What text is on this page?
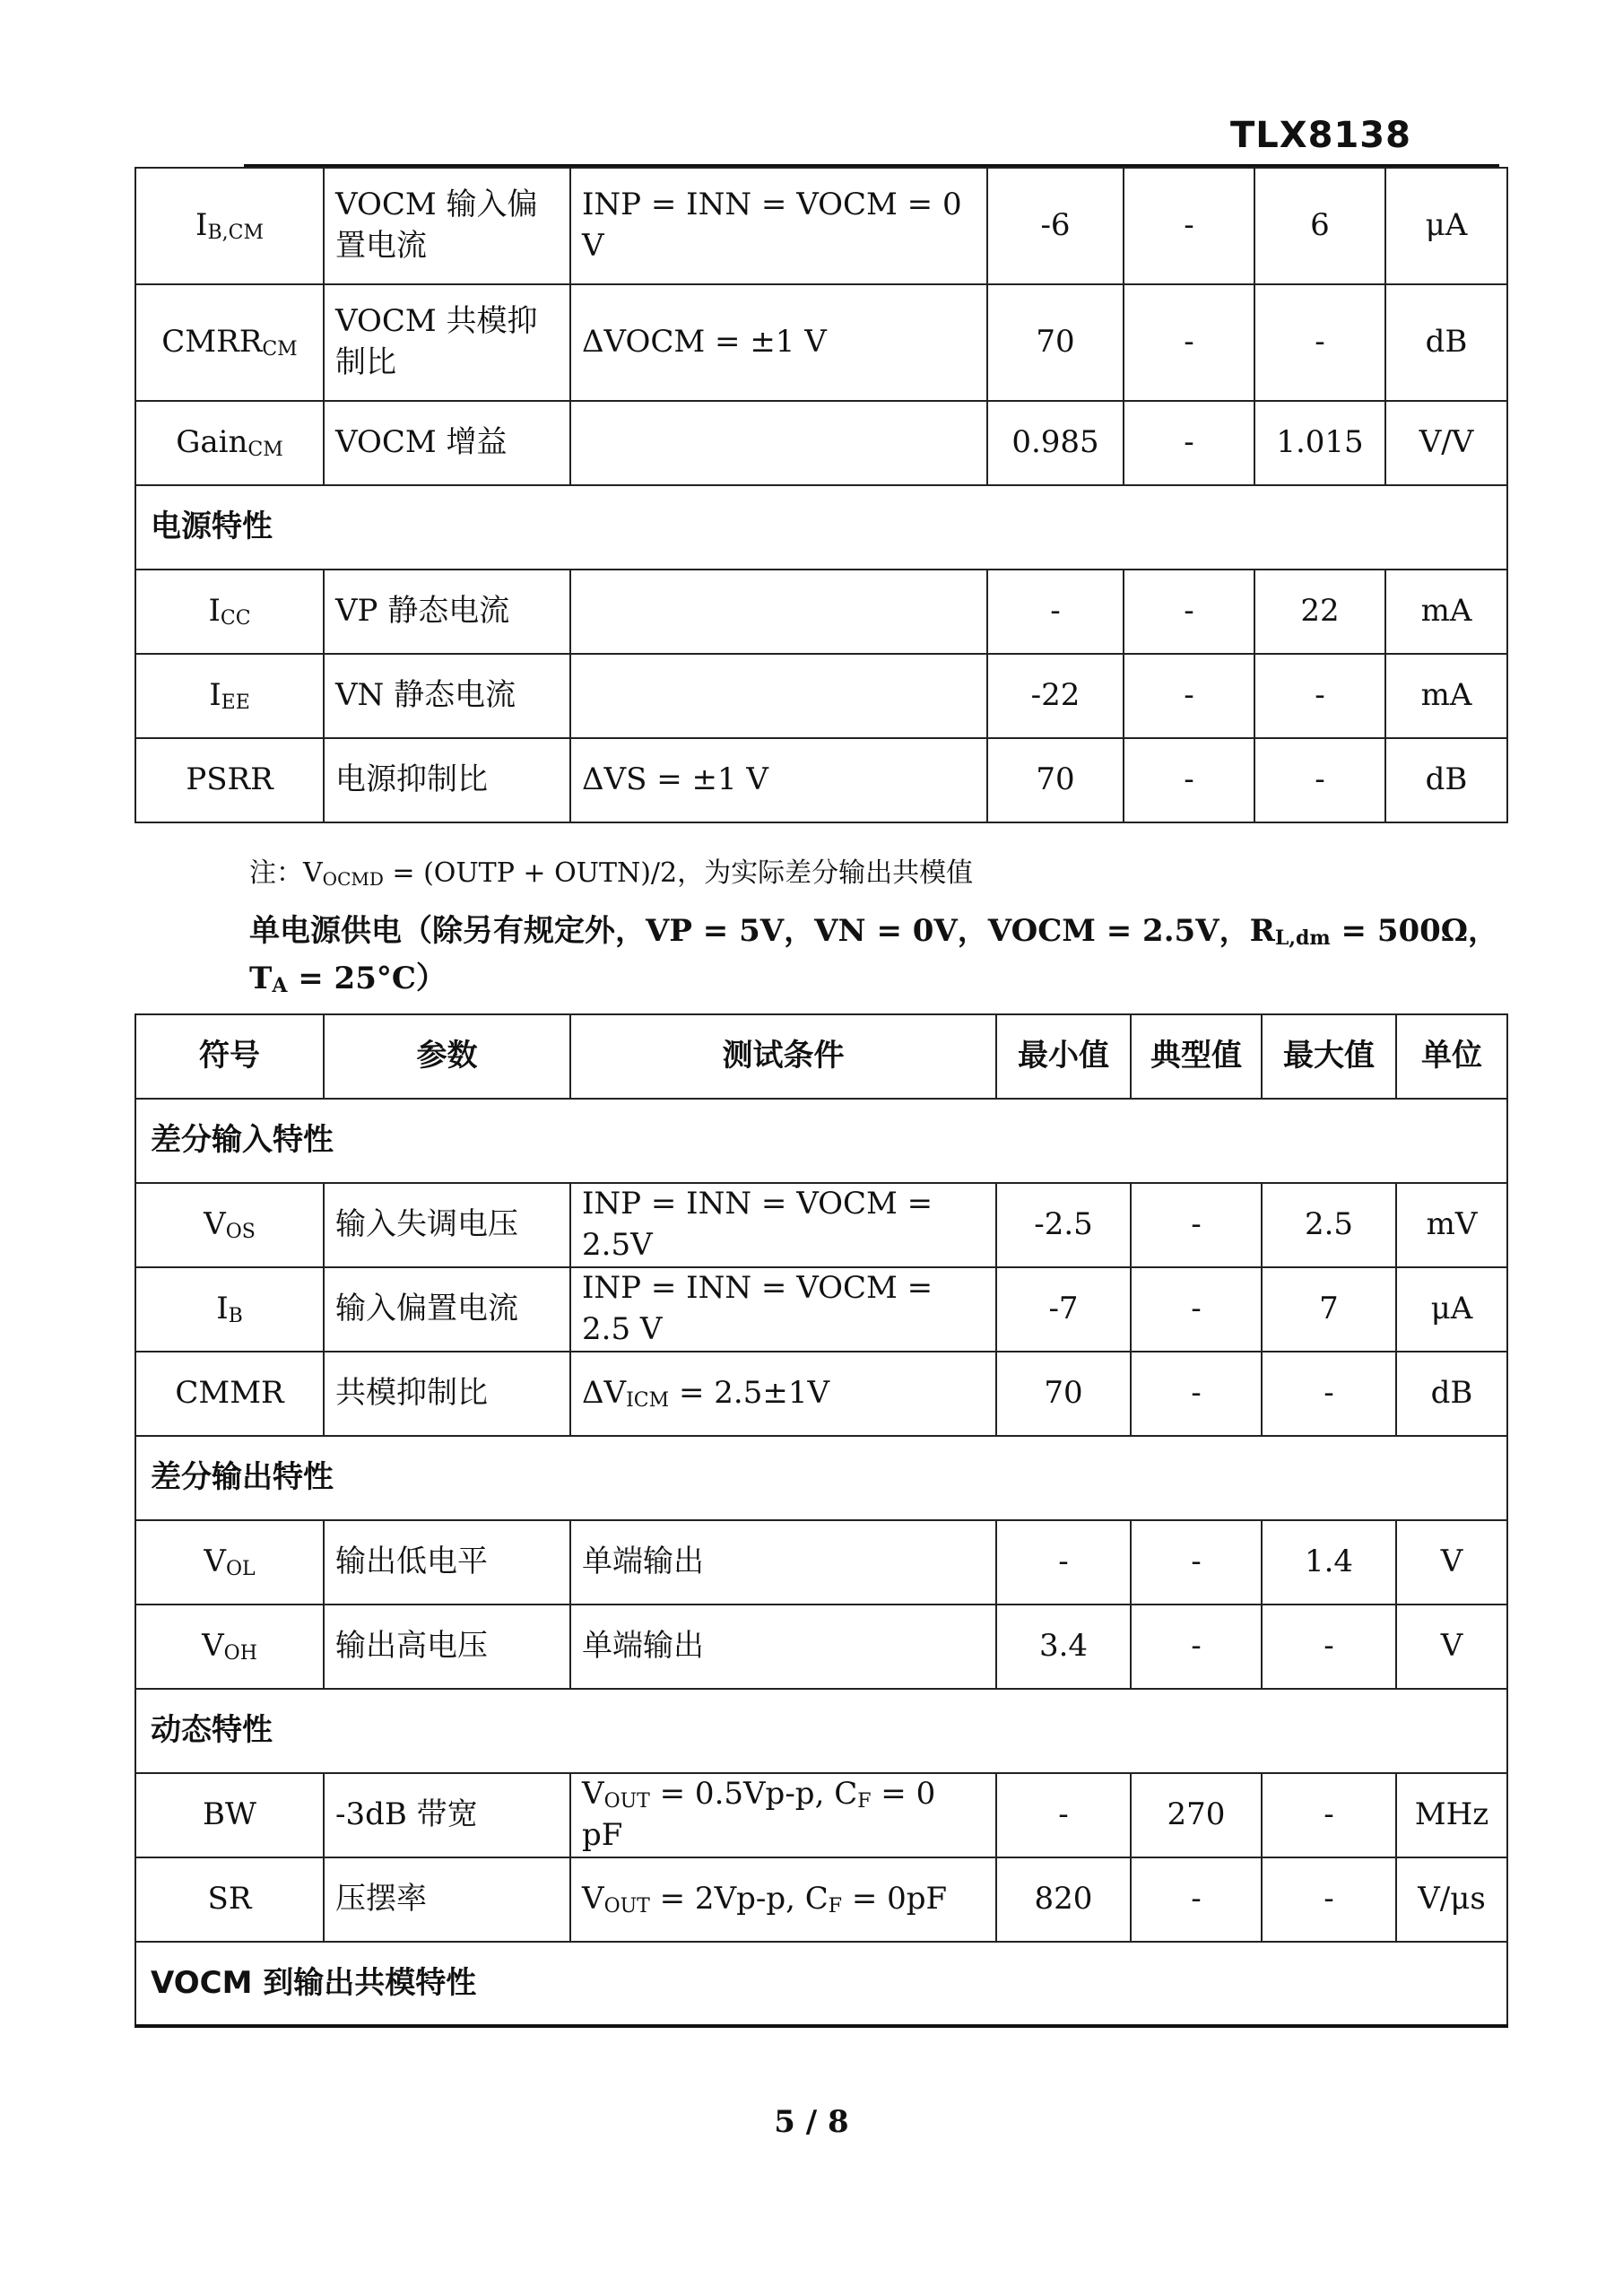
TLX8138
$I_{B,CM}$	VOCM 输入偏置电流	INP = INN = VOCM = 0 V	-6	-	6	μA
$CMRR_{CM}$	VOCM 共模抑制比	ΔVOCM = ±1 V	70	-	-	dB
Gain$_{CM}$	VOCM 增益		0.985	-	1.015	V/V
电源特性						
$I_{CC}$	VP 静态电流		-	-	22	mA
$I_{EE}$	VN 静态电流		-22	-	-	mA
PSRR	电源抑制比	ΔVS = ±1 V	70	-	-	dB
注：$V_{OCMD}$ = (OUTP + OUTN)/2，为实际差分输出共模值
单电源供电（除另有规定外，VP = 5V，VN = 0V，VOCM = 2.5V，$R_{L,dm} = 500\Omega$，
$T_A = 25^\circ C$）
符号	参数	测试条件	最小值	典型值	最大值	单位
差分输入特性						
$V_{OS}$	输入失调电压	INP = INN = VOCM = 2.5V	-2.5	-	2.5	mV
$I_B$	输入偏置电流	INP = INN = VOCM = 2.5 V	-7	-	7	μA
CMMR	共模抑制比	$\Delta V_{ICM} = 2.5\pm 1V$	70	-	-	dB
差分输出特性						
$V_{OL}$	输出低电平	单端输出	-	-	1.4	V
$V_{OH}$	输出高电压	单端输出	3.4	-	-	V
动态特性						
BW	-3dB 带宽	$V_{OUT} = 0.5Vp-p$, $C_F = 0$ pF	-	270	-	MHz
SR	压摆率	$V_{OUT} = 2Vp-p$, $C_F = 0pF$	820	-	-	V/μs
VOCM 到输出共模特性						
5 / 8
